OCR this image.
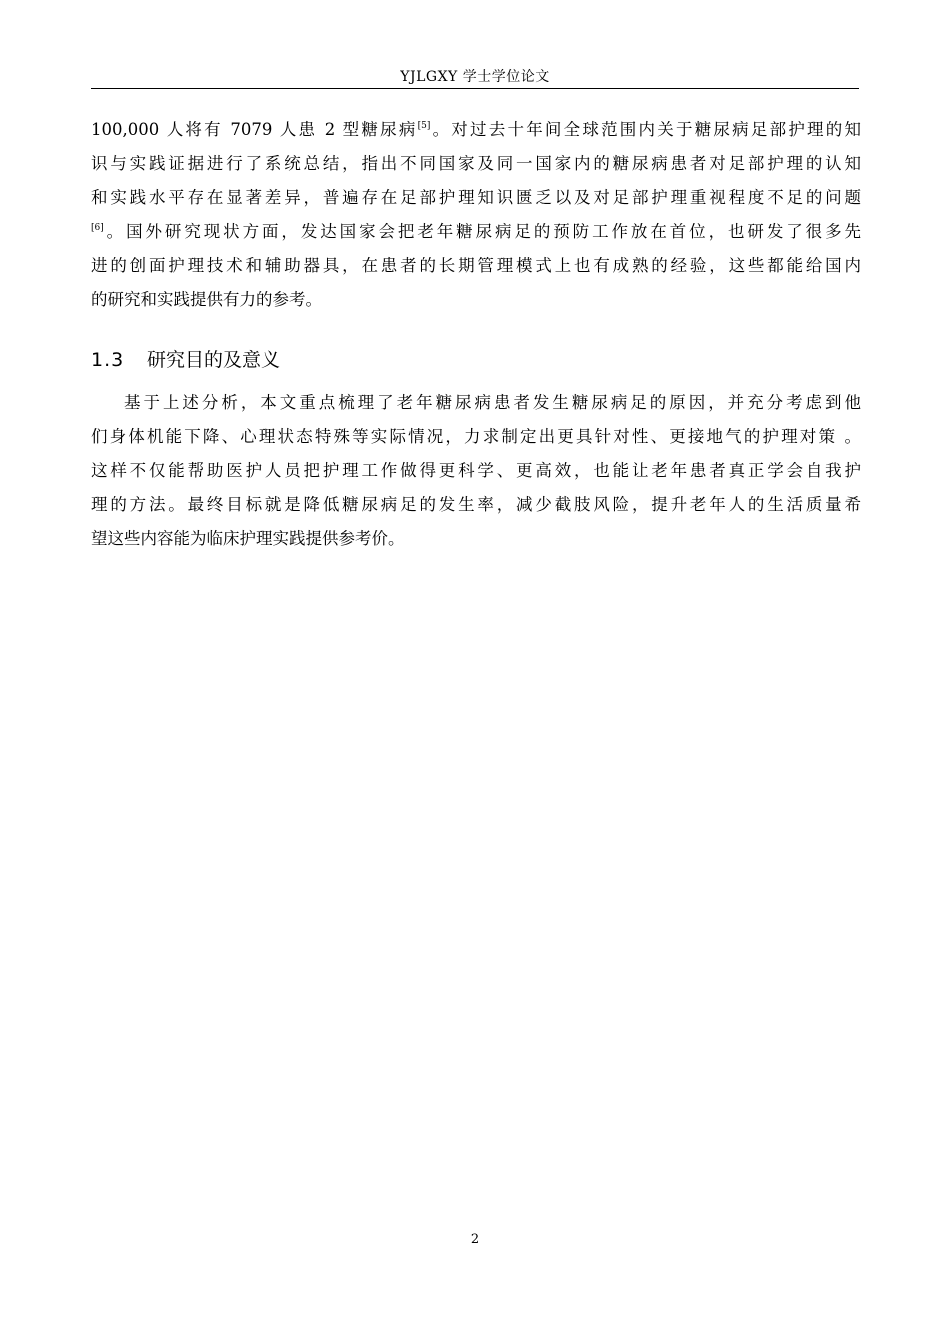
YJLGXY 学士学位论文
100,000 人将有 7079 人患 2 型糖尿病[5]。对过去十年间全球范围内关于糖尿病足部护理的知
识与实践证据进行了系统总结，指出不同国家及同一国家内的糖尿病患者对足部护理的认知
和实践水平存在显著差异，普遍存在足部护理知识匮乏以及对足部护理重视程度不足的问题
[6]。国外研究现状方面，发达国家会把老年糖尿病足的预防工作放在首位，也研发了很多先
进的创面护理技术和辅助器具，在患者的长期管理模式上也有成熟的经验，这些都能给国内
的研究和实践提供有力的参考。
1.3 研究目的及意义
基于上述分析，本文重点梳理了老年糖尿病患者发生糖尿病足的原因，并充分考虑到他
们身体机能下降、心理状态特殊等实际情况，力求制定出更具针对性、更接地气的护理对策 。
这样不仅能帮助医护人员把护理工作做得更科学、更高效，也能让老年患者真正学会自我护
理的方法。最终目标就是降低糖尿病足的发生率，减少截肢风险，提升老年人的生活质量希
望这些内容能为临床护理实践提供参考价。
2
